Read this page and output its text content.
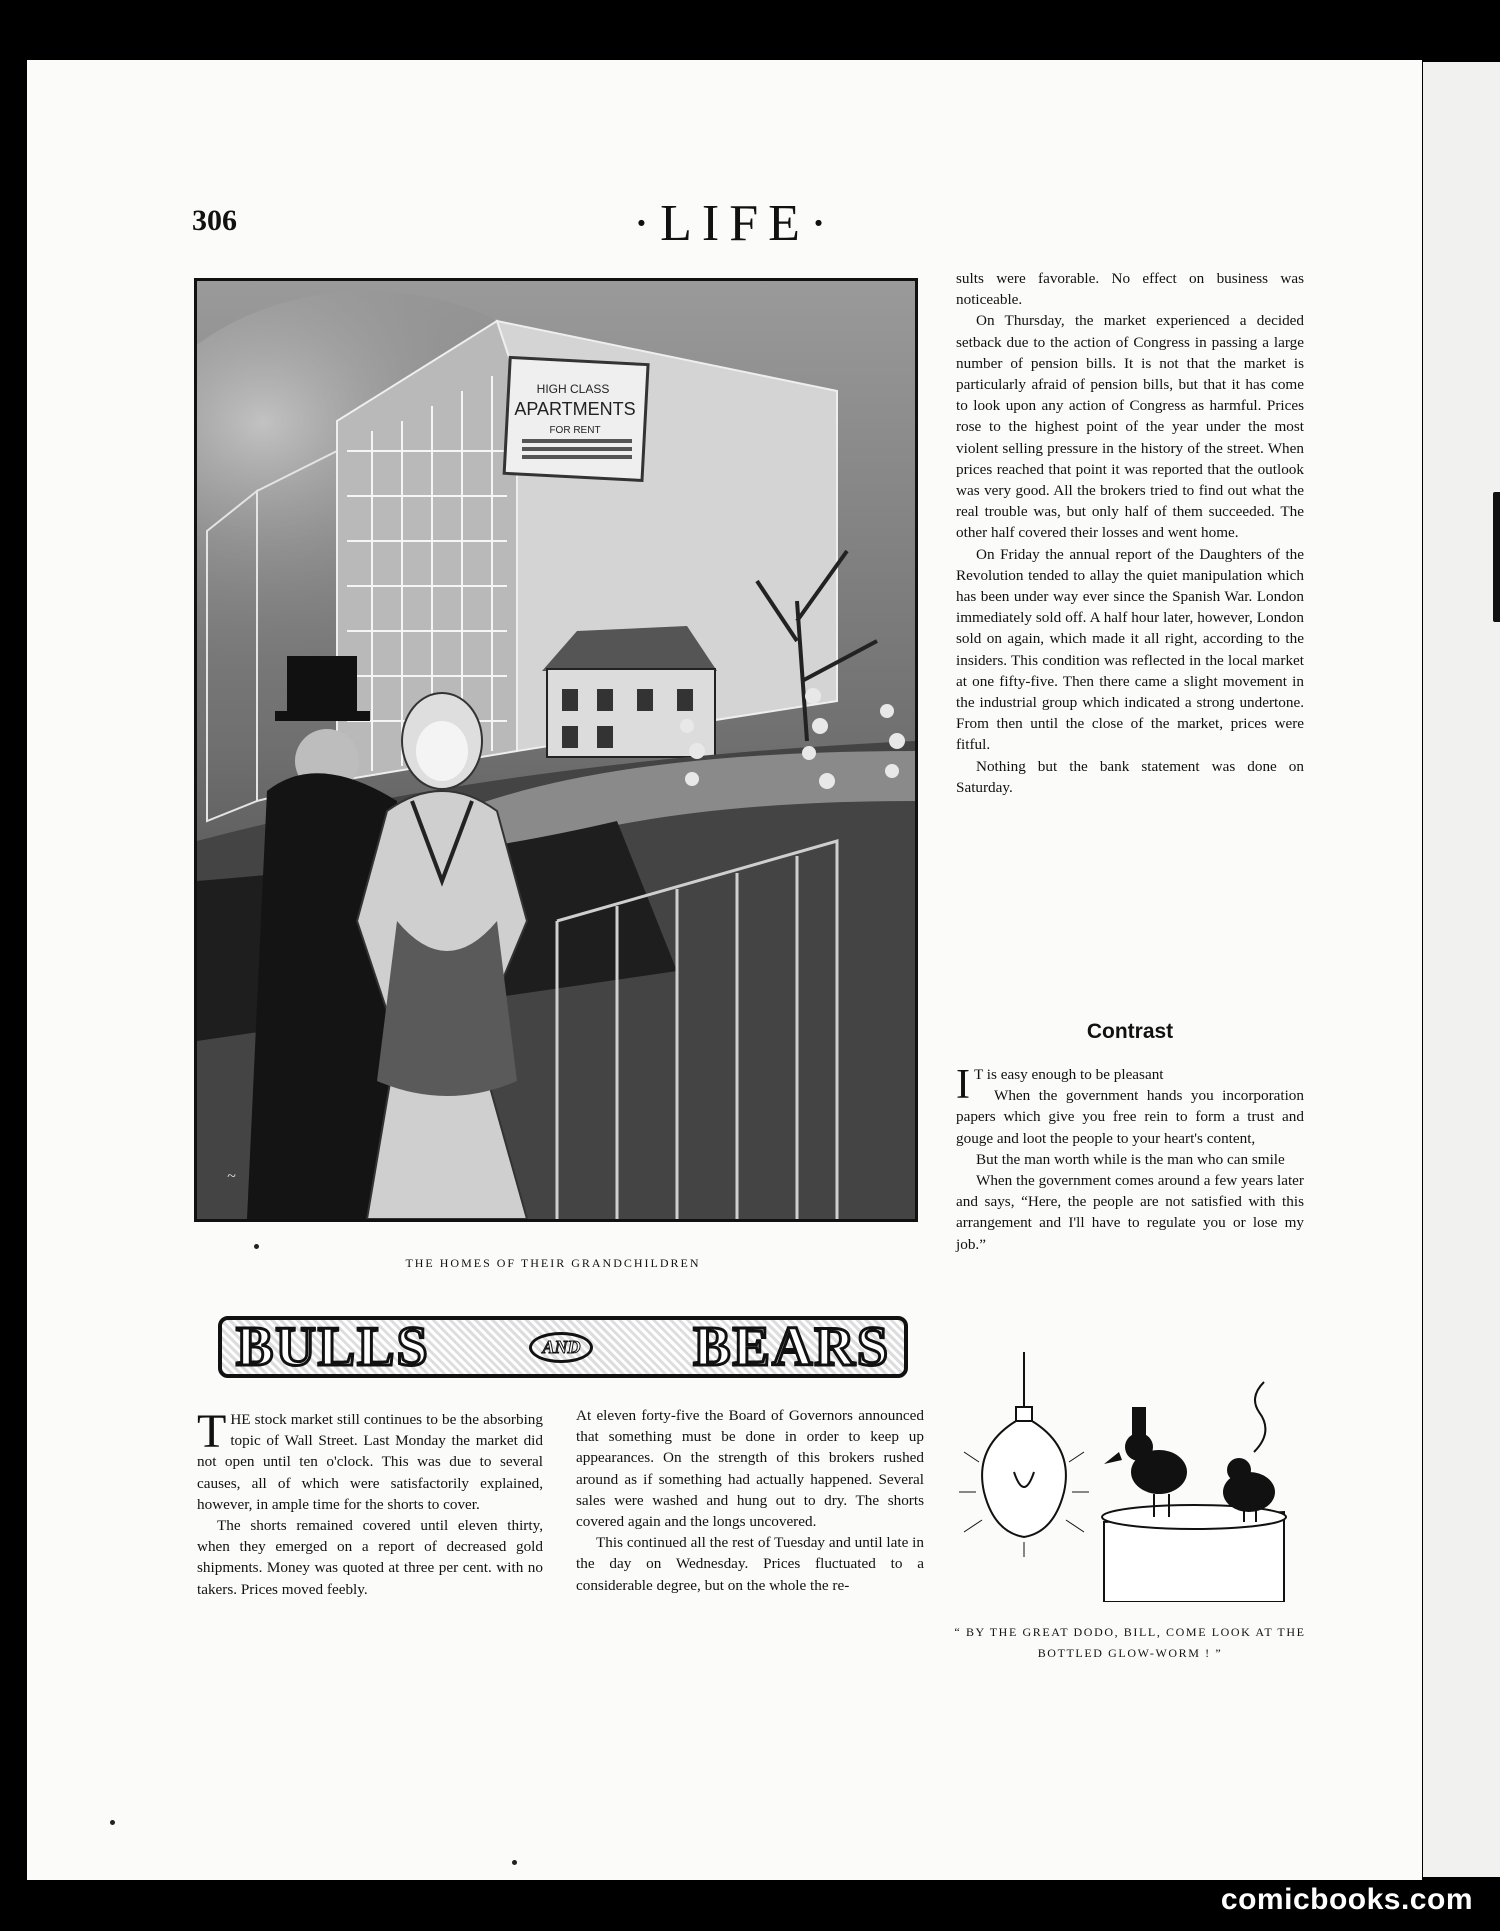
306	·LIFE·
HIGH CLASS
APARTMENTS
FOR RENT
~
THE HOMES OF THEIR GRANDCHILDREN
BULLS	AND BEARS

THE stock market still continues to be the absorbing topic of Wall Street. Last Monday the market did not open until ten o'clock. This was due to several causes, all of which were satisfactorily explained, however, in ample time for the shorts to cover.

The shorts remained covered until eleven thirty, when they emerged on a report of decreased gold shipments. Money was quoted at three per cent. with no takers. Prices moved feebly.

At eleven forty-five the Board of Governors announced that something must be done in order to keep up appearances. On the strength of this brokers rushed around as if something had actually happened. Several sales were washed and hung out to dry. The shorts covered again and the longs uncovered.

This continued all the rest of Tuesday and until late in the day on Wednesday. Prices fluctuated to a considerable degree, but on the whole the re-

sults were favorable. No effect on business was noticeable.

On Thursday, the market experienced a decided setback due to the action of Congress in passing a large number of pension bills. It is not that the market is particularly afraid of pension bills, but that it has come to look upon any action of Congress as harmful. Prices rose to the highest point of the year under the most violent selling pressure in the history of the street. When prices reached that point it was reported that the outlook was very good. All the brokers tried to find out what the real trouble was, but only half of them succeeded. The other half covered their losses and went home.

On Friday the annual report of the Daughters of the Revolution tended to allay the quiet manipulation which has been under way ever since the Spanish War. London immediately sold off. A half hour later, however, London sold on again, which made it all right, according to the insiders. This condition was reflected in the local market at one fifty-five. Then there came a slight movement in the industrial group which indicated a strong undertone. From then until the close of the market, prices were fitful.

Nothing but the bank statement was done on Saturday.

Contrast

I T is easy enough to be pleasant

When the government hands you incorporation papers which give you free rein to form a trust and gouge and loot the people to your heart's content,

But the man worth while is the man who can smile

When the government comes around a few years later and says, “Here, the people are not satisfied with this arrangement and I'll have to regulate you or lose my job.”

“ BY THE GREAT DODO, BILL, COME LOOK AT THE BOTTLED GLOW-WORM ! ”
comicbooks.com
